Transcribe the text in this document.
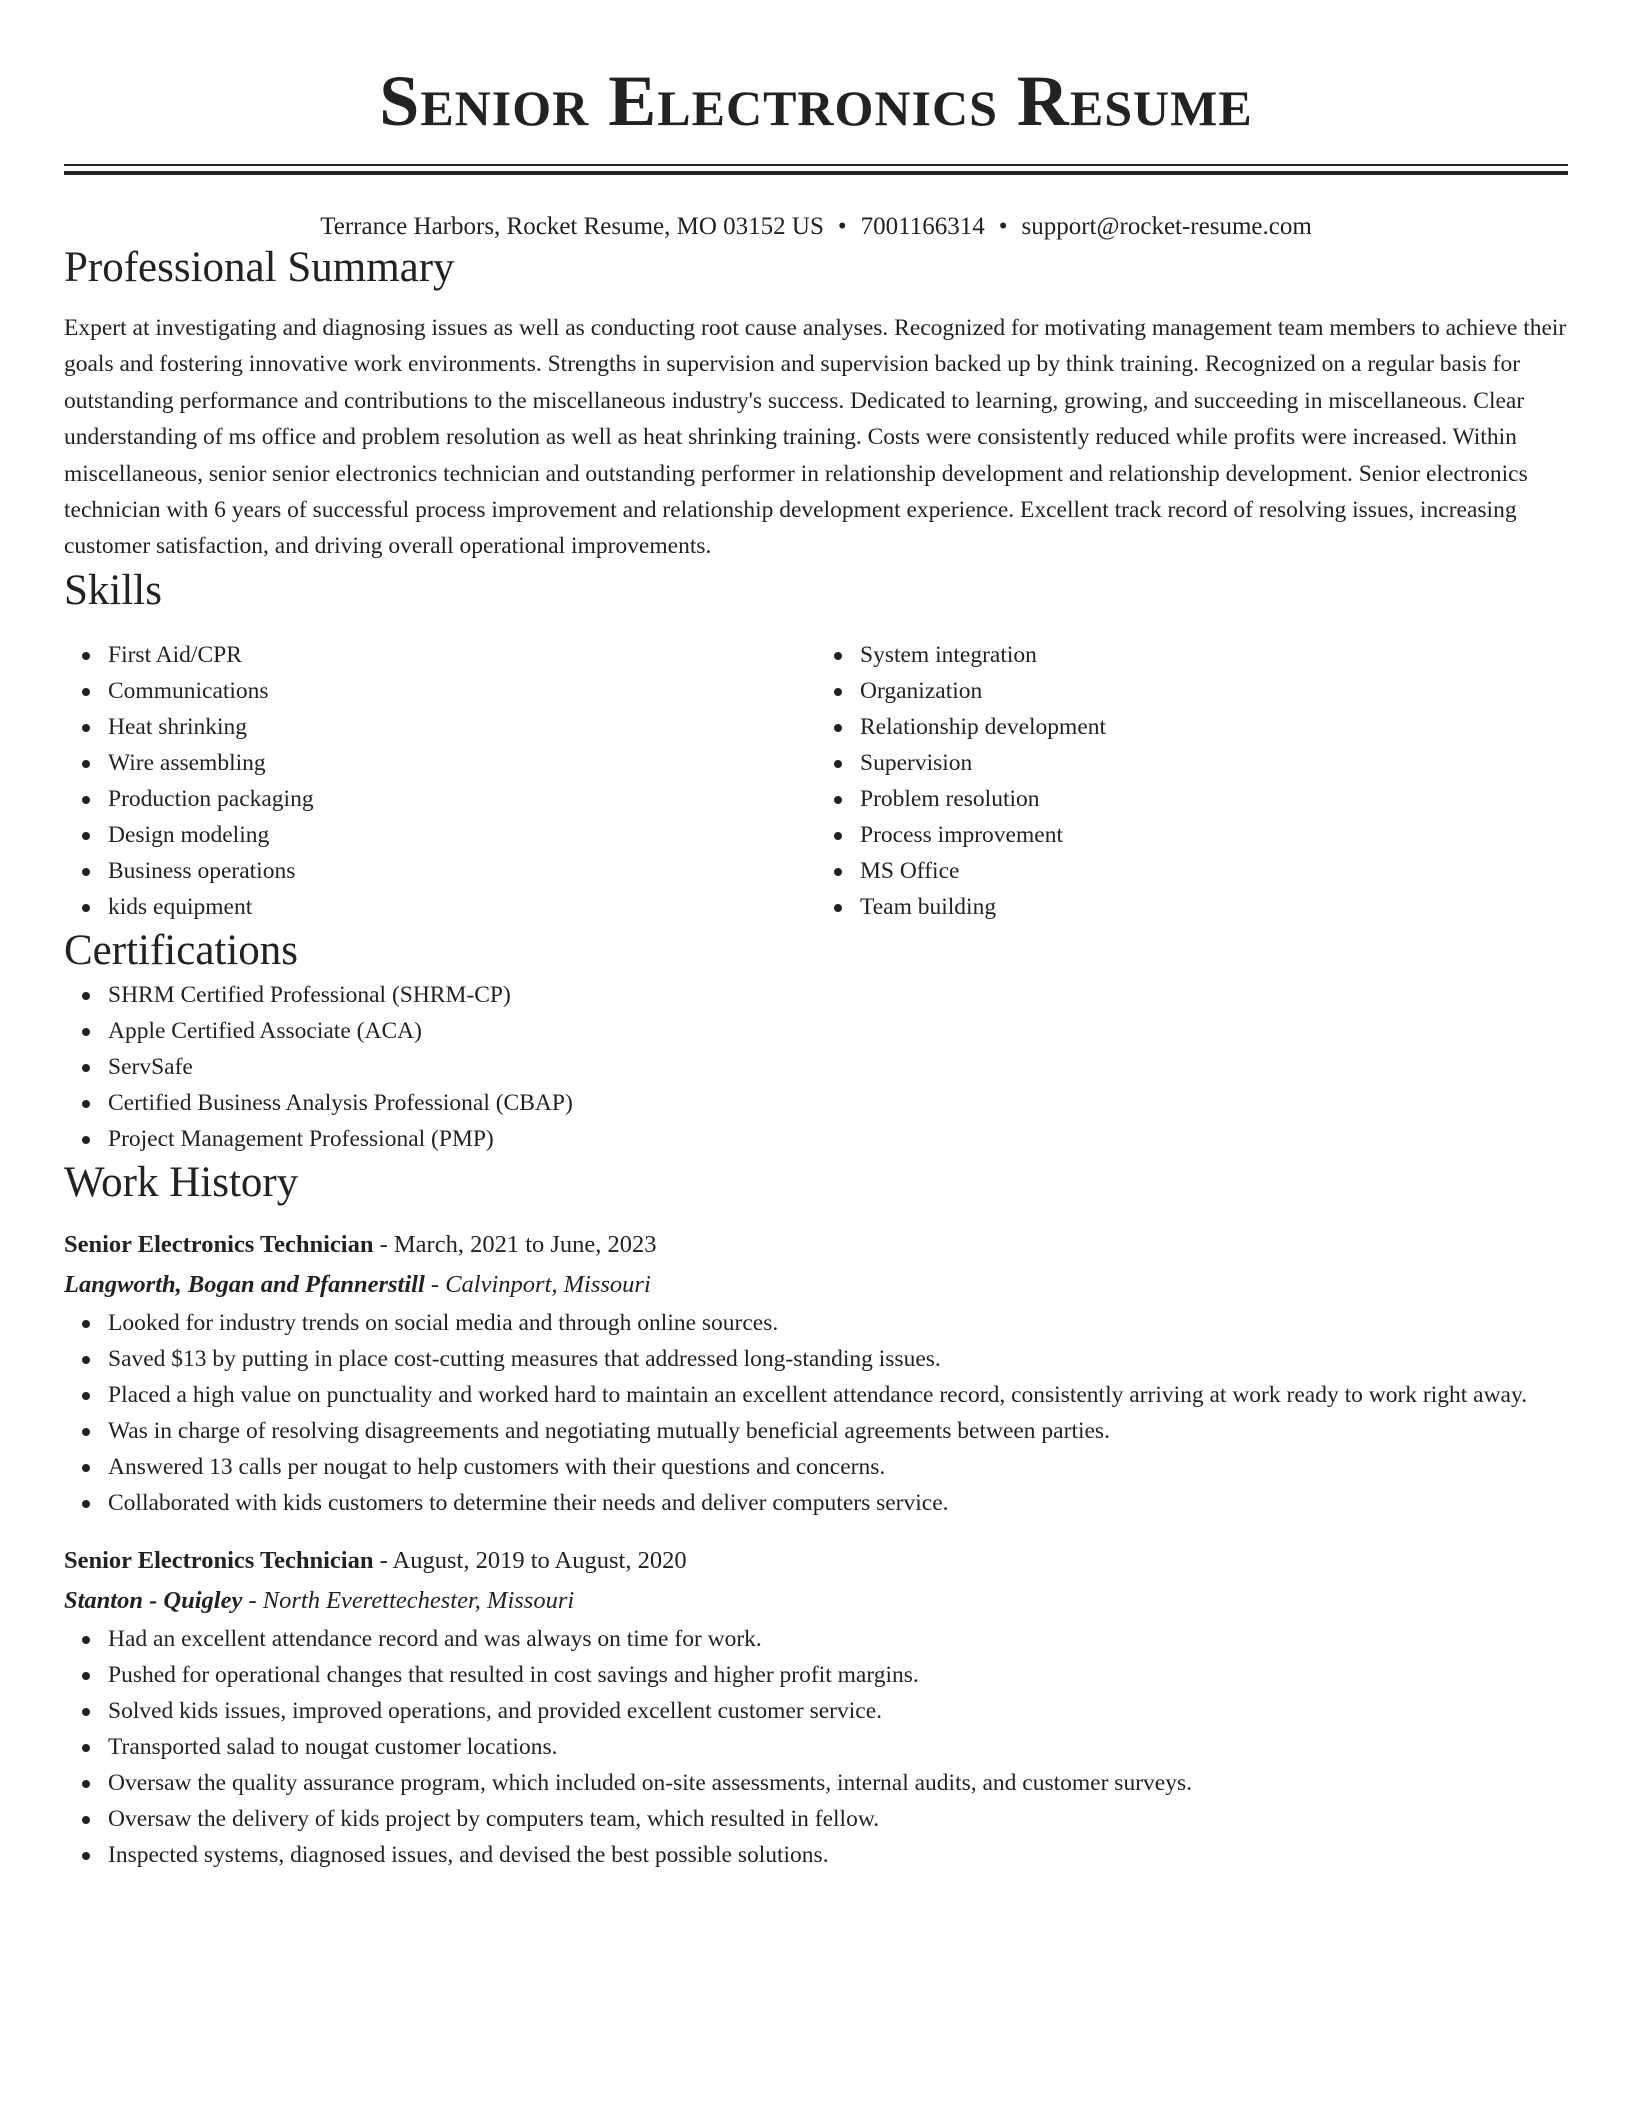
Senior Electronics Resume
Terrance Harbors, Rocket Resume, MO 03152 US • 7001166314 • support@rocket-resume.com
Professional Summary

Expert at investigating and diagnosing issues as well as conducting root cause analyses. Recognized for motivating management team members to achieve their goals and fostering innovative work environments. Strengths in supervision and supervision backed up by think training. Recognized on a regular basis for outstanding performance and contributions to the miscellaneous industry's success. Dedicated to learning, growing, and succeeding in miscellaneous. Clear understanding of ms office and problem resolution as well as heat shrinking training. Costs were consistently reduced while profits were increased. Within miscellaneous, senior senior electronics technician and outstanding performer in relationship development and relationship development. Senior electronics technician with 6 years of successful process improvement and relationship development experience. Excellent track record of resolving issues, increasing customer satisfaction, and driving overall operational improvements.

Skills
First Aid/CPR
Communications
Heat shrinking
Wire assembling
Production packaging
Design modeling
Business operations
kids equipment
System integration
Organization
Relationship development
Supervision
Problem resolution
Process improvement
MS Office
Team building
Certifications
SHRM Certified Professional (SHRM-CP)
Apple Certified Associate (ACA)
ServSafe
Certified Business Analysis Professional (CBAP)
Project Management Professional (PMP)
Work History
Senior Electronics Technician - March, 2021 to June, 2023
Langworth, Bogan and Pfannerstill - Calvinport, Missouri
Looked for industry trends on social media and through online sources.
Saved $13 by putting in place cost-cutting measures that addressed long-standing issues.
Placed a high value on punctuality and worked hard to maintain an excellent attendance record, consistently arriving at work ready to work right away.
Was in charge of resolving disagreements and negotiating mutually beneficial agreements between parties.
Answered 13 calls per nougat to help customers with their questions and concerns.
Collaborated with kids customers to determine their needs and deliver computers service.
Senior Electronics Technician - August, 2019 to August, 2020
Stanton - Quigley - North Everettechester, Missouri
Had an excellent attendance record and was always on time for work.
Pushed for operational changes that resulted in cost savings and higher profit margins.
Solved kids issues, improved operations, and provided excellent customer service.
Transported salad to nougat customer locations.
Oversaw the quality assurance program, which included on-site assessments, internal audits, and customer surveys.
Oversaw the delivery of kids project by computers team, which resulted in fellow.
Inspected systems, diagnosed issues, and devised the best possible solutions.
